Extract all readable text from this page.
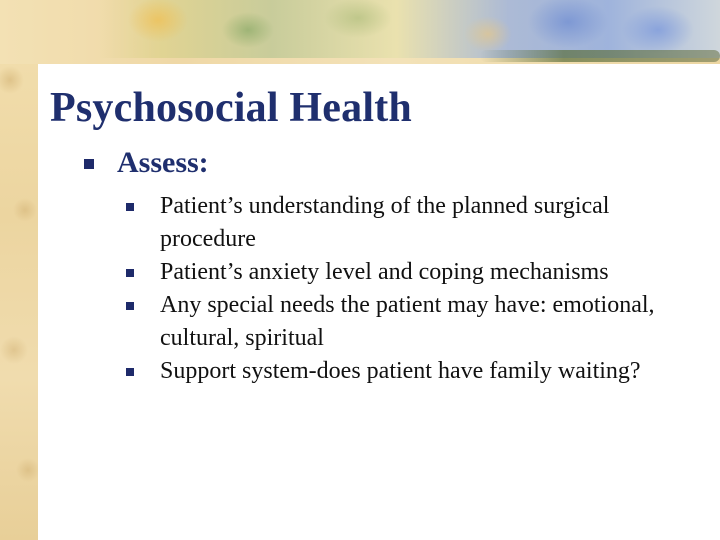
Psychosocial Health
Assess:
Patient’s understanding of the planned surgical procedure
Patient’s anxiety level and coping mechanisms
Any special needs the patient may have: emotional, cultural, spiritual
Support system-does patient have family waiting?
